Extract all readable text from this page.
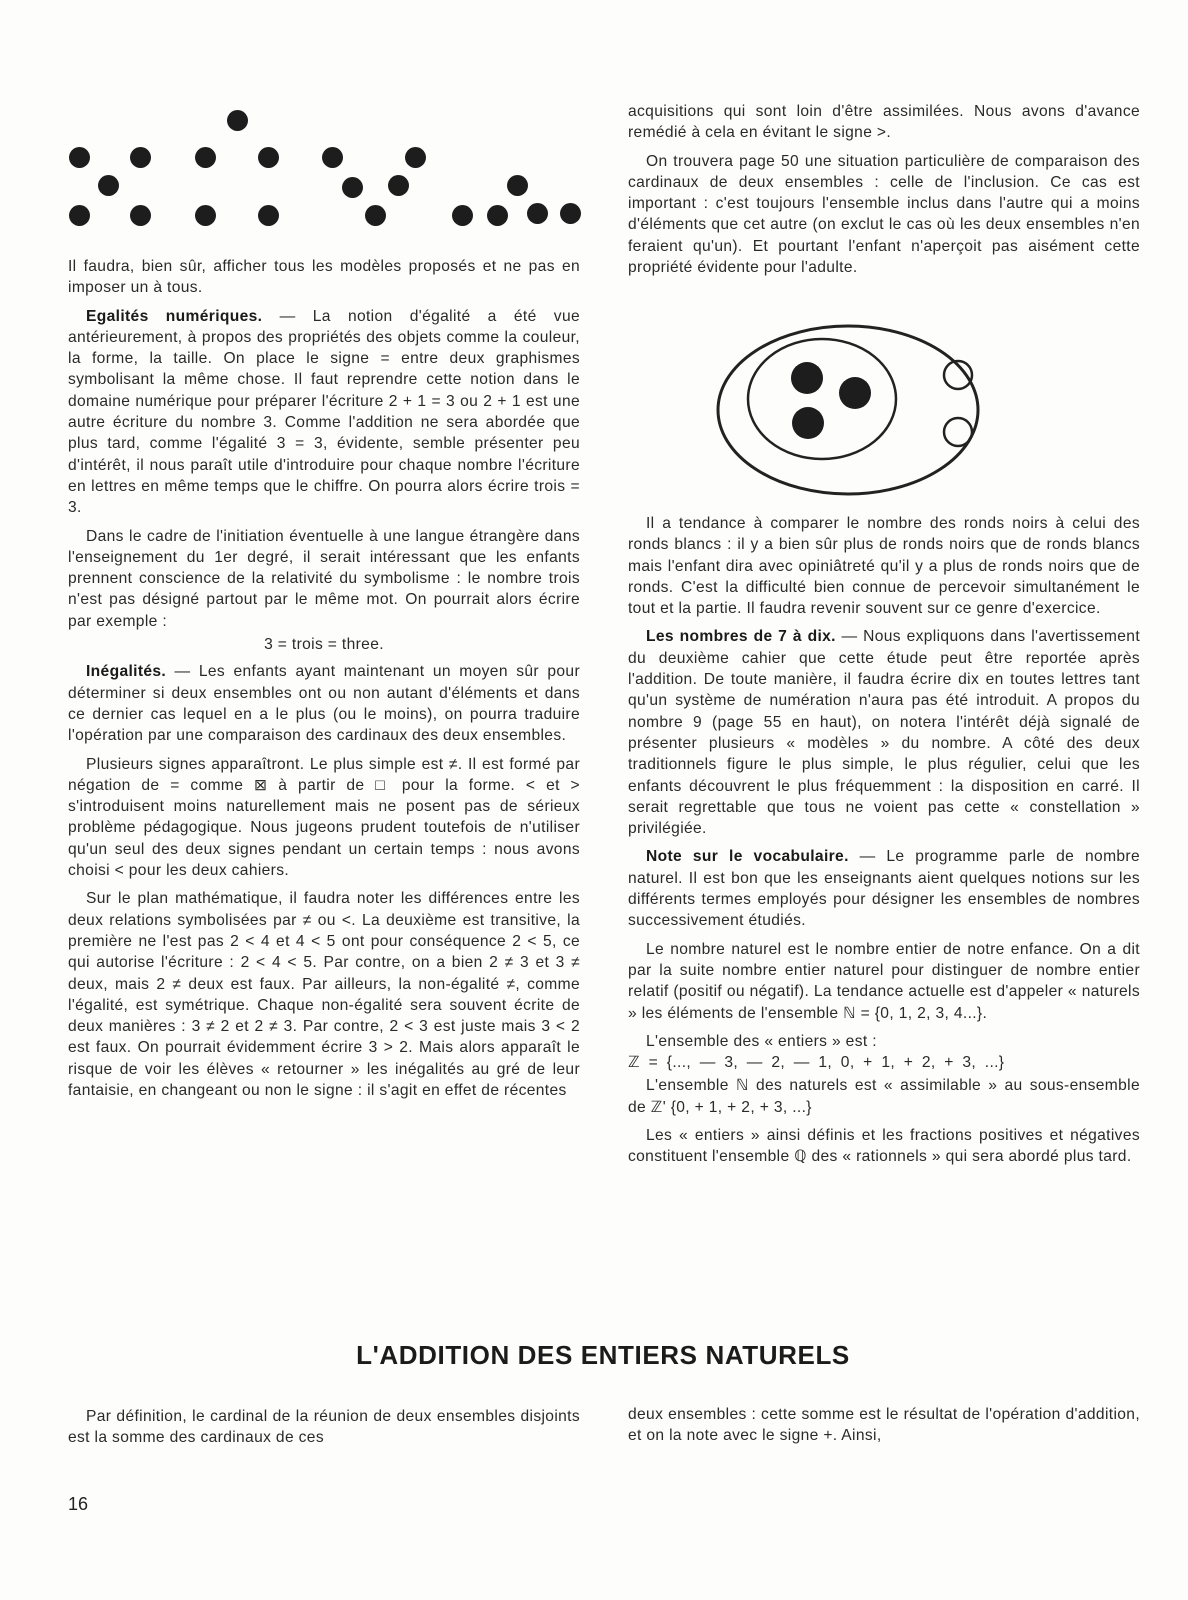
Il faudra, bien sûr, afficher tous les modèles proposés et ne pas en imposer un à tous.

Egalités numériques. — La notion d'égalité a été vue antérieurement, à propos des propriétés des objets comme la couleur, la forme, la taille. On place le signe = entre deux graphismes symbolisant la même chose. Il faut reprendre cette notion dans le domaine numérique pour préparer l'écriture 2 + 1 = 3 ou 2 + 1 est une autre écriture du nombre 3. Comme l'addition ne sera abordée que plus tard, comme l'égalité 3 = 3, évidente, semble présenter peu d'intérêt, il nous paraît utile d'introduire pour chaque nombre l'écriture en lettres en même temps que le chiffre. On pourra alors écrire trois = 3.

Dans le cadre de l'initiation éventuelle à une langue étrangère dans l'enseignement du 1er degré, il serait intéressant que les enfants prennent conscience de la relativité du symbolisme : le nombre trois n'est pas désigné partout par le même mot. On pourrait alors écrire par exemple :

3 = trois = three.

Inégalités. — Les enfants ayant maintenant un moyen sûr pour déterminer si deux ensembles ont ou non autant d'éléments et dans ce dernier cas lequel en a le plus (ou le moins), on pourra traduire l'opération par une comparaison des cardinaux des deux ensembles.

Plusieurs signes apparaîtront. Le plus simple est ≠. Il est formé par négation de = comme ⊠ à partir de □ pour la forme. < et > s'introduisent moins naturellement mais ne posent pas de sérieux problème pédagogique. Nous jugeons prudent toutefois de n'utiliser qu'un seul des deux signes pendant un certain temps : nous avons choisi < pour les deux cahiers.

Sur le plan mathématique, il faudra noter les différences entre les deux relations symbolisées par ≠ ou <. La deuxième est transitive, la première ne l'est pas 2 < 4 et 4 < 5 ont pour conséquence 2 < 5, ce qui autorise l'écriture : 2 < 4 < 5. Par contre, on a bien 2 ≠ 3 et 3 ≠ deux, mais 2 ≠ deux est faux. Par ailleurs, la non-égalité ≠, comme l'égalité, est symétrique. Chaque non-égalité sera souvent écrite de deux manières : 3 ≠ 2 et 2 ≠ 3. Par contre, 2 < 3 est juste mais 3 < 2 est faux. On pourrait évidemment écrire 3 > 2. Mais alors apparaît le risque de voir les élèves « retourner » les inégalités au gré de leur fantaisie, en changeant ou non le signe : il s'agit en effet de récentes

acquisitions qui sont loin d'être assimilées. Nous avons d'avance remédié à cela en évitant le signe >.

On trouvera page 50 une situation particulière de comparaison des cardinaux de deux ensembles : celle de l'inclusion. Ce cas est important : c'est toujours l'ensemble inclus dans l'autre qui a moins d'éléments que cet autre (on exclut le cas où les deux ensembles n'en feraient qu'un). Et pourtant l'enfant n'aperçoit pas aisément cette propriété évidente pour l'adulte.

Il a tendance à comparer le nombre des ronds noirs à celui des ronds blancs : il y a bien sûr plus de ronds noirs que de ronds blancs mais l'enfant dira avec opiniâtreté qu'il y a plus de ronds noirs que de ronds. C'est la difficulté bien connue de percevoir simultanément le tout et la partie. Il faudra revenir souvent sur ce genre d'exercice.

Les nombres de 7 à dix. — Nous expliquons dans l'avertissement du deuxième cahier que cette étude peut être reportée après l'addition. De toute manière, il faudra écrire dix en toutes lettres tant qu'un système de numération n'aura pas été introduit. A propos du nombre 9 (page 55 en haut), on notera l'intérêt déjà signalé de présenter plusieurs « modèles » du nombre. A côté des deux traditionnels figure le plus simple, le plus régulier, celui que les enfants découvrent le plus fréquemment : la disposition en carré. Il serait regrettable que tous ne voient pas cette « constellation » privilégiée.

Note sur le vocabulaire. — Le programme parle de nombre naturel. Il est bon que les enseignants aient quelques notions sur les différents termes employés pour désigner les ensembles de nombres successivement étudiés.

Le nombre naturel est le nombre entier de notre enfance. On a dit par la suite nombre entier naturel pour distinguer de nombre entier relatif (positif ou négatif). La tendance actuelle est d'appeler « naturels » les éléments de l'ensemble ℕ = {0, 1, 2, 3, 4...}.

L'ensemble des « entiers » est :

ℤ = {..., — 3, — 2, — 1, 0, + 1, + 2, + 3, ...}

L'ensemble ℕ des naturels est « assimilable » au sous-ensemble de ℤ' {0, + 1, + 2, + 3, ...}

Les « entiers » ainsi définis et les fractions positives et négatives constituent l'ensemble ℚ des « rationnels » qui sera abordé plus tard.

L'ADDITION DES ENTIERS NATURELS

Par définition, le cardinal de la réunion de deux ensembles disjoints est la somme des cardinaux de ces

deux ensembles : cette somme est le résultat de l'opération d'addition, et on la note avec le signe +. Ainsi,

16
